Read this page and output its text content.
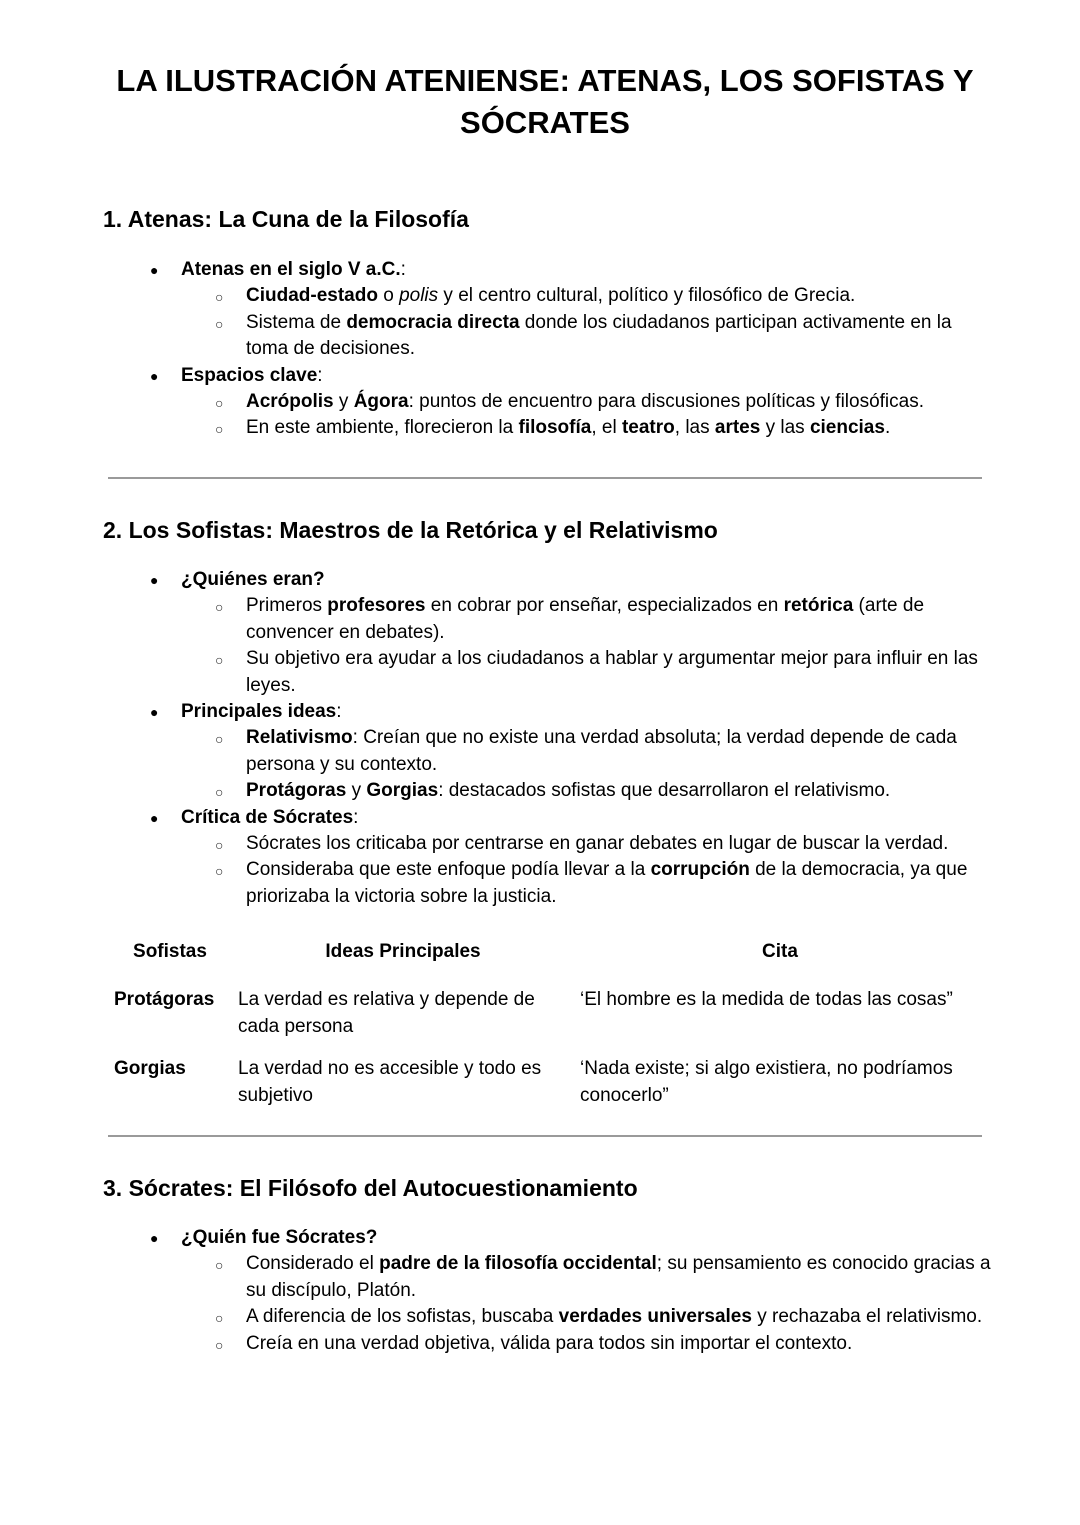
LA ILUSTRACIÓN ATENIENSE: ATENAS, LOS SOFISTAS Y SÓCRATES
1. Atenas: La Cuna de la Filosofía
● Atenas en el siglo V a.C.:
○ Ciudad-estado o polis y el centro cultural, político y filosófico de Grecia.
○ Sistema de democracia directa donde los ciudadanos participan activamente en la toma de decisiones.
● Espacios clave:
○ Acrópolis y Ágora: puntos de encuentro para discusiones políticas y filosóficas.
○ En este ambiente, florecieron la filosofía, el teatro, las artes y las ciencias.
2. Los Sofistas: Maestros de la Retórica y el Relativismo
● ¿Quiénes eran?
○ Primeros profesores en cobrar por enseñar, especializados en retórica (arte de convencer en debates).
○ Su objetivo era ayudar a los ciudadanos a hablar y argumentar mejor para influir en las leyes.
● Principales ideas:
○ Relativismo: Creían que no existe una verdad absoluta; la verdad depende de cada persona y su contexto.
○ Protágoras y Gorgias: destacados sofistas que desarrollaron el relativismo.
● Crítica de Sócrates:
○ Sócrates los criticaba por centrarse en ganar debates en lugar de buscar la verdad.
○ Consideraba que este enfoque podía llevar a la corrupción de la democracia, ya que priorizaba la victoria sobre la justicia.
Sofistas	Ideas Principales	Cita
Protágoras	La verdad es relativa y depende de cada persona	‘El hombre es la medida de todas las cosas”
Gorgias	La verdad no es accesible y todo es subjetivo	‘Nada existe; si algo existiera, no podríamos conocerlo”
3. Sócrates: El Filósofo del Autocuestionamiento
● ¿Quién fue Sócrates?
○ Considerado el padre de la filosofía occidental; su pensamiento es conocido gracias a su discípulo, Platón.
○ A diferencia de los sofistas, buscaba verdades universales y rechazaba el relativismo.
○ Creía en una verdad objetiva, válida para todos sin importar el contexto.
